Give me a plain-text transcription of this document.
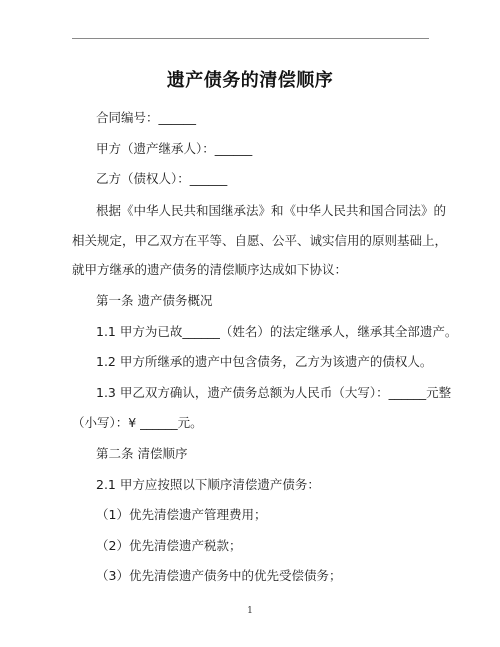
遗产债务的清偿顺序
合同编号：______
甲方（遗产继承人）：______
乙方（债权人）：______
根据《中华人民共和国继承法》和《中华人民共和国合同法》的
相关规定，甲乙双方在平等、自愿、公平、诚实信用的原则基础上，
就甲方继承的遗产债务的清偿顺序达成如下协议：
第一条 遗产债务概况
1.1 甲方为已故______（姓名）的法定继承人，继承其全部遗产。
1.2 甲方所继承的遗产中包含债务，乙方为该遗产的债权人。
1.3 甲乙双方确认，遗产债务总额为人民币（大写）：______元整
（小写）：¥ ______元。
第二条 清偿顺序
2.1 甲方应按照以下顺序清偿遗产债务：
（1）优先清偿遗产管理费用；
（2）优先清偿遗产税款；
（3）优先清偿遗产债务中的优先受偿债务；
1
